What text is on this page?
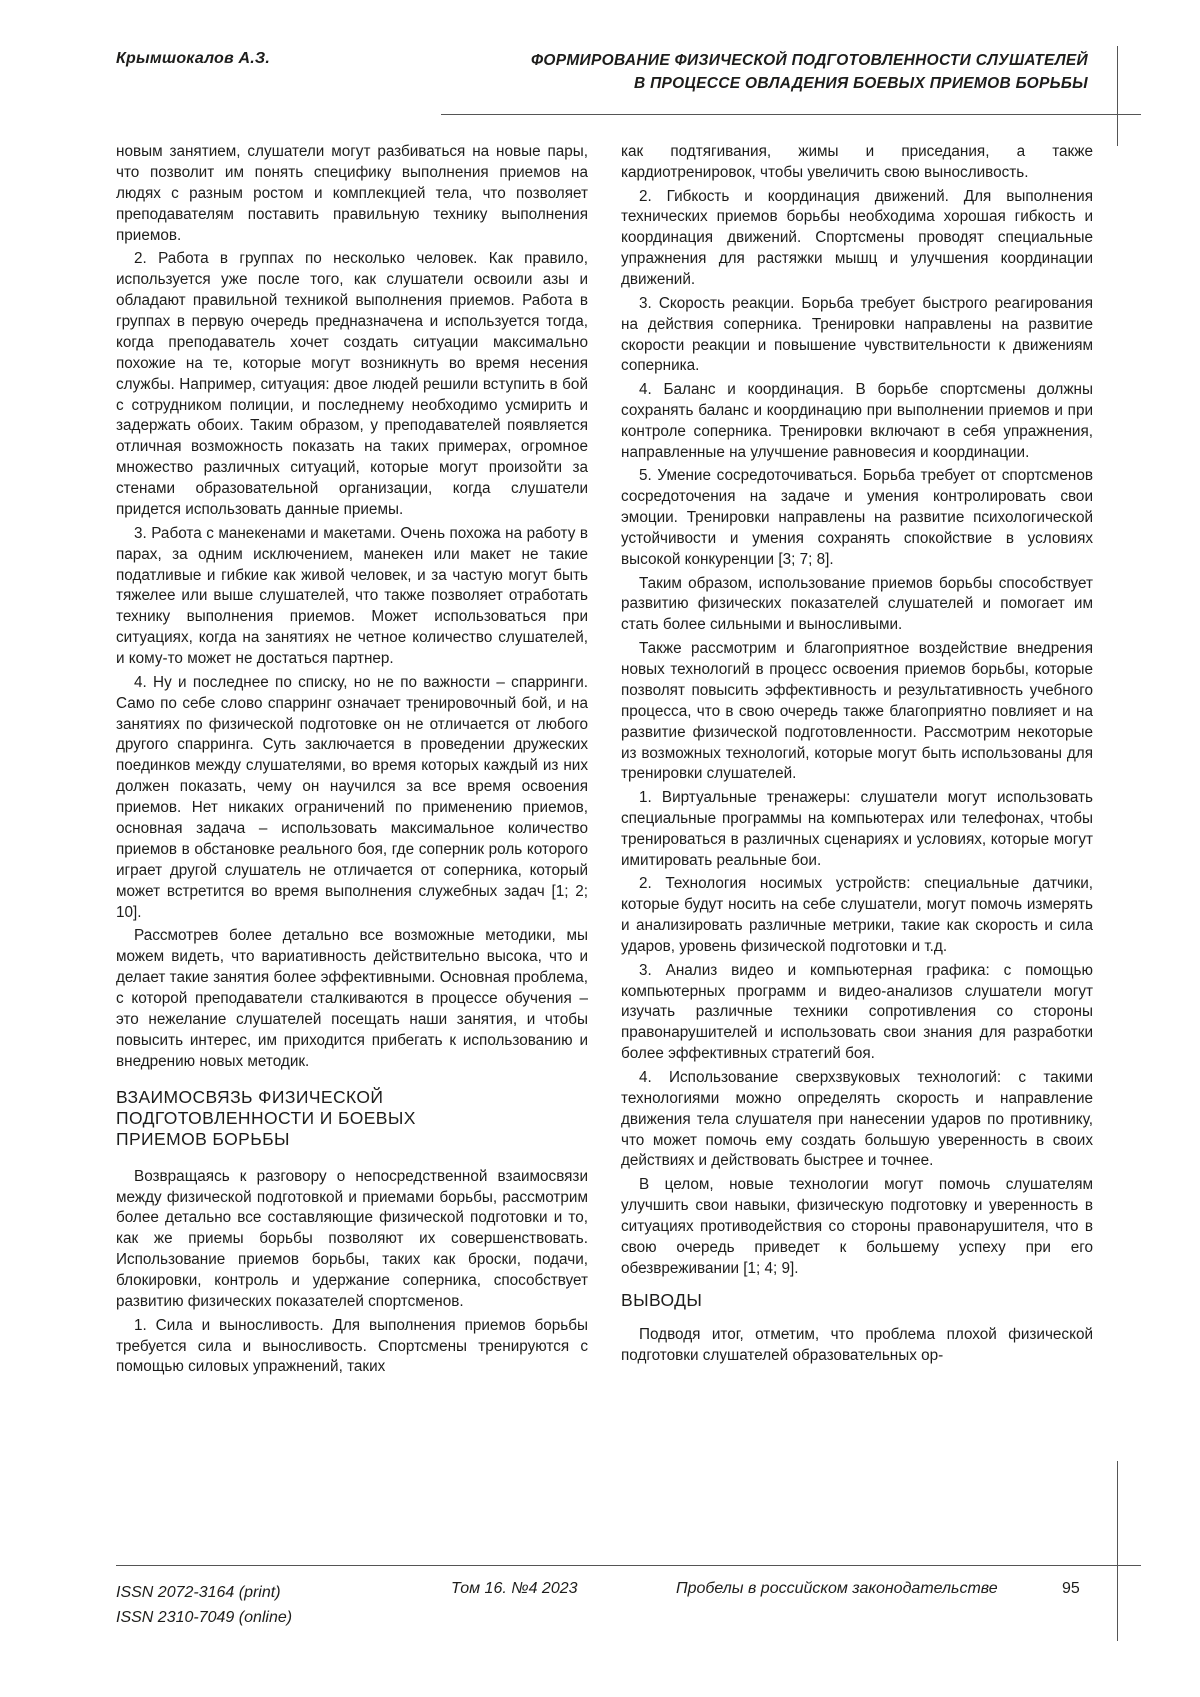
Крымшокалов А.З.	ФОРМИРОВАНИЕ ФИЗИЧЕСКОЙ ПОДГОТОВЛЕННОСТИ СЛУШАТЕЛЕЙ
В ПРОЦЕССЕ ОВЛАДЕНИЯ БОЕВЫХ ПРИЕМОВ БОРЬБЫ

новым занятием, слушатели могут разбиваться на новые пары, что позволит им понять специфику выполнения приемов на людях с разным ростом и комплекцией тела, что позволяет преподавателям поставить правильную технику выполнения приемов.

2. Работа в группах по несколько человек. Как правило, используется уже после того, как слушатели освоили азы и обладают правильной техникой выполнения приемов. Работа в группах в первую очередь предназначена и используется тогда, когда преподаватель хочет создать ситуации максимально похожие на те, которые могут возникнуть во время несения службы. Например, ситуация: двое людей решили вступить в бой с сотрудником полиции, и последнему необходимо усмирить и задержать обоих. Таким образом, у преподавателей появляется отличная возможность показать на таких примерах, огромное множество различных ситуаций, которые могут произойти за стенами образовательной организации, когда слушатели придется использовать данные приемы.

3. Работа с манекенами и макетами. Очень похожа на работу в парах, за одним исключением, манекен или макет не такие податливые и гибкие как живой человек, и за частую могут быть тяжелее или выше слушателей, что также позволяет отработать технику выполнения приемов. Может использоваться при ситуациях, когда на занятиях не четное количество слушателей, и кому-то может не достаться партнер.

4. Ну и последнее по списку, но не по важности – спарринги. Само по себе слово спарринг означает тренировочный бой, и на занятиях по физической подготовке он не отличается от любого другого спарринга. Суть заключается в проведении дружеских поединков между слушателями, во время которых каждый из них должен показать, чему он научился за все время освоения приемов. Нет никаких ограничений по применению приемов, основная задача – использовать максимальное количество приемов в обстановке реального боя, где соперник роль которого играет другой слушатель не отличается от соперника, который может встретится во время выполнения служебных задач [1; 2; 10].

Рассмотрев более детально все возможные методики, мы можем видеть, что вариативность действительно высока, что и делает такие занятия более эффективными. Основная проблема, с которой преподаватели сталкиваются в процессе обучения – это нежелание слушателей посещать наши занятия, и чтобы повысить интерес, им приходится прибегать к использованию и внедрению новых методик.

ВЗАИМОСВЯЗЬ ФИЗИЧЕСКОЙ
ПОДГОТОВЛЕННОСТИ И БОЕВЫХ
ПРИЕМОВ БОРЬБЫ

Возвращаясь к разговору о непосредственной взаимосвязи между физической подготовкой и приемами борьбы, рассмотрим более детально все составляющие физической подготовки и то, как же приемы борьбы позволяют их совершенствовать. Использование приемов борьбы, таких как броски, подачи, блокировки, контроль и удержание соперника, способствует развитию физических показателей спортсменов.

1. Сила и выносливость. Для выполнения приемов борьбы требуется сила и выносливость. Спортсмены тренируются с помощью силовых упражнений, таких

как подтягивания, жимы и приседания, а также кардиотренировок, чтобы увеличить свою выносливость.

2. Гибкость и координация движений. Для выполнения технических приемов борьбы необходима хорошая гибкость и координация движений. Спортсмены проводят специальные упражнения для растяжки мышц и улучшения координации движений.

3. Скорость реакции. Борьба требует быстрого реагирования на действия соперника. Тренировки направлены на развитие скорости реакции и повышение чувствительности к движениям соперника.

4. Баланс и координация. В борьбе спортсмены должны сохранять баланс и координацию при выполнении приемов и при контроле соперника. Тренировки включают в себя упражнения, направленные на улучшение равновесия и координации.

5. Умение сосредоточиваться. Борьба требует от спортсменов сосредоточения на задаче и умения контролировать свои эмоции. Тренировки направлены на развитие психологической устойчивости и умения сохранять спокойствие в условиях высокой конкуренции [3; 7; 8].

Таким образом, использование приемов борьбы способствует развитию физических показателей слушателей и помогает им стать более сильными и выносливыми.

Также рассмотрим и благоприятное воздействие внедрения новых технологий в процесс освоения приемов борьбы, которые позволят повысить эффективность и результативность учебного процесса, что в свою очередь также благоприятно повлияет и на развитие физической подготовленности. Рассмотрим некоторые из возможных технологий, которые могут быть использованы для тренировки слушателей.

1. Виртуальные тренажеры: слушатели могут использовать специальные программы на компьютерах или телефонах, чтобы тренироваться в различных сценариях и условиях, которые могут имитировать реальные бои.

2. Технология носимых устройств: специальные датчики, которые будут носить на себе слушатели, могут помочь измерять и анализировать различные метрики, такие как скорость и сила ударов, уровень физической подготовки и т.д.

3. Анализ видео и компьютерная графика: с помощью компьютерных программ и видео-анализов слушатели могут изучать различные техники сопротивления со стороны правонарушителей и использовать свои знания для разработки более эффективных стратегий боя.

4. Использование сверхзвуковых технологий: с такими технологиями можно определять скорость и направление движения тела слушателя при нанесении ударов по противнику, что может помочь ему создать большую уверенность в своих действиях и действовать быстрее и точнее.

В целом, новые технологии могут помочь слушателям улучшить свои навыки, физическую подготовку и уверенность в ситуациях противодействия со стороны правонарушителя, что в свою очередь приведет к большему успеху при его обезвреживании [1; 4; 9].

ВЫВОДЫ

Подводя итог, отметим, что проблема плохой физической подготовки слушателей образовательных ор-

ISSN 2072-3164 (print)
ISSN 2310-7049 (online)
Том 16. №4 2023	Пробелы в российском законодательстве	95
